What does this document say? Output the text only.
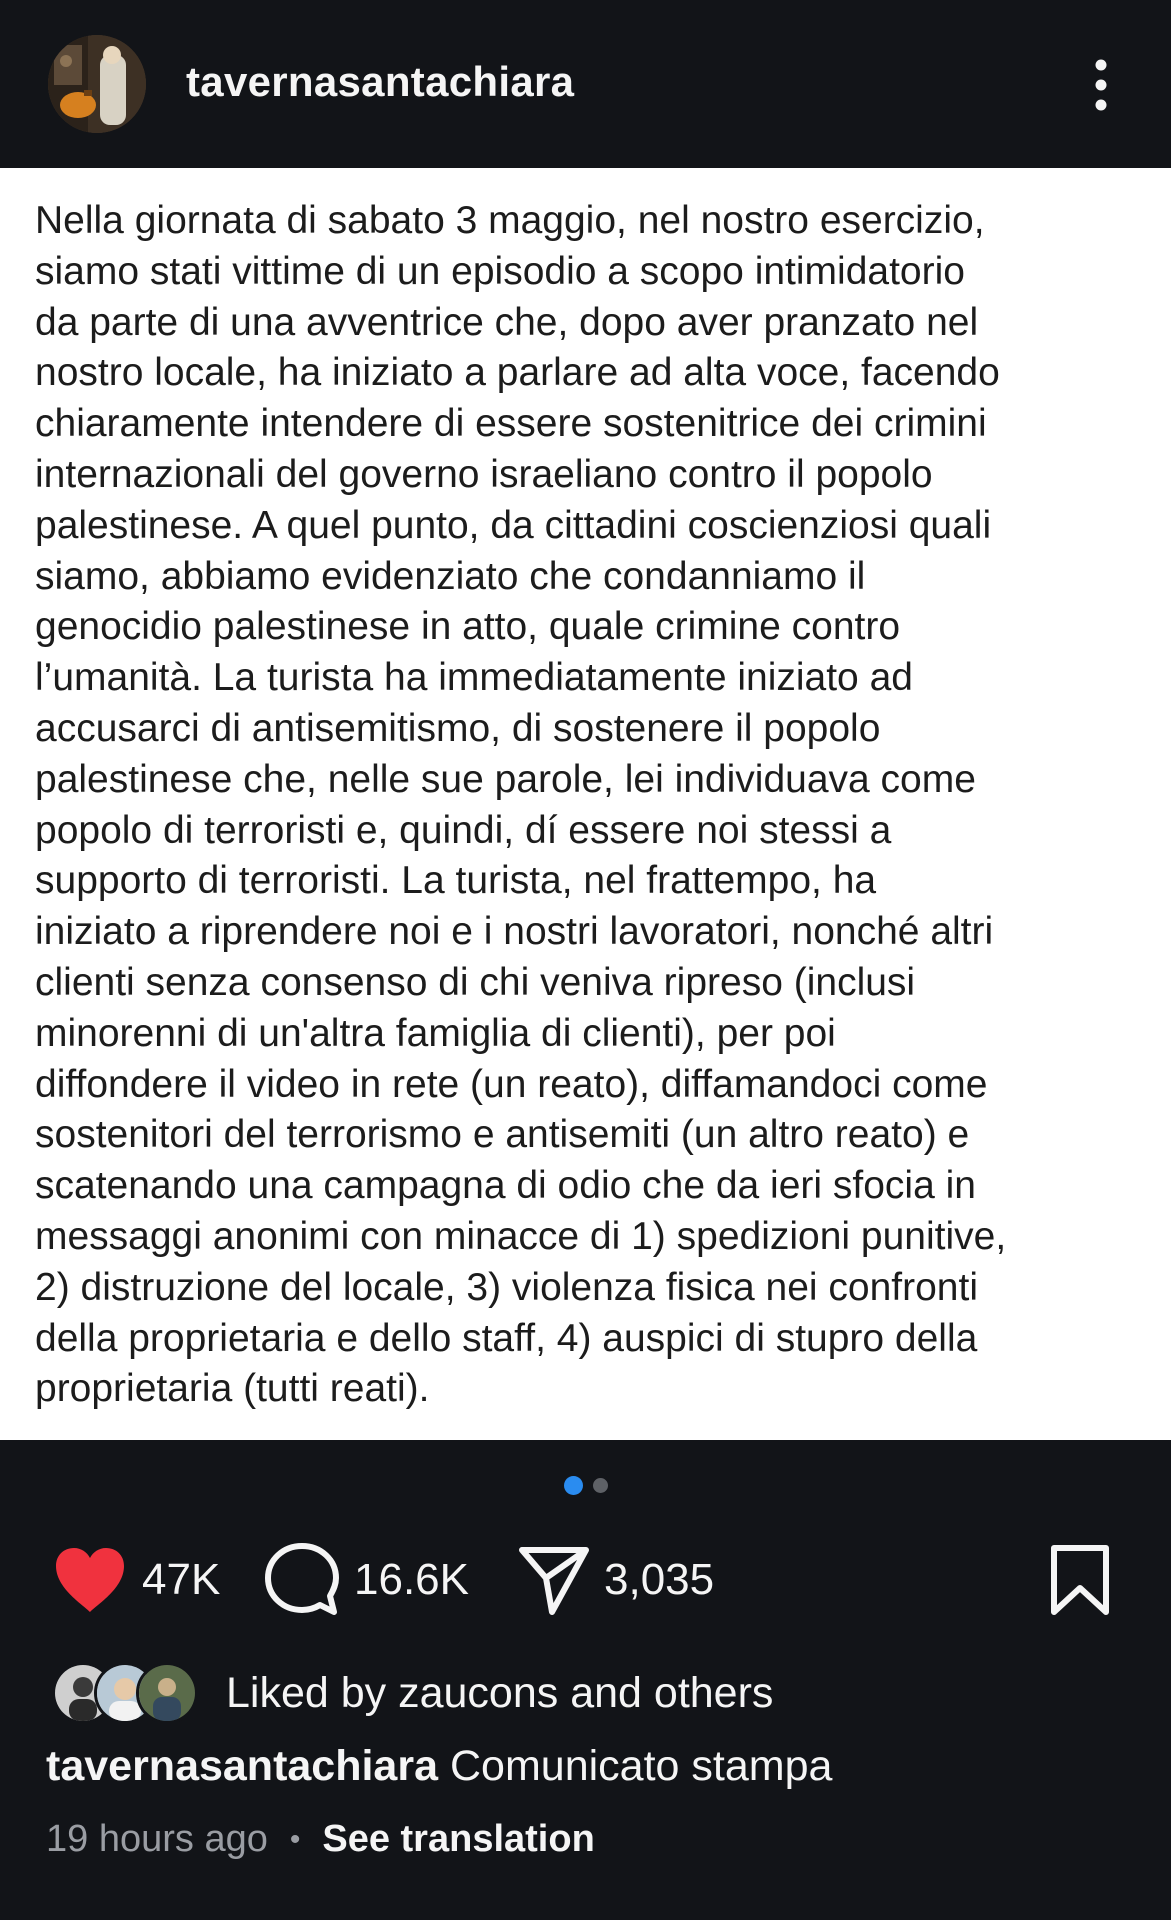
tavernasantachiara

Nella giornata di sabato 3 maggio, nel nostro esercizio,
siamo stati vittime di un episodio a scopo intimidatorio
da parte di una avventrice che, dopo aver pranzato nel
nostro locale, ha iniziato a parlare ad alta voce, facendo
chiaramente intendere di essere sostenitrice dei crimini
internazionali del governo israeliano contro il popolo
palestinese. A quel punto, da cittadini coscienziosi quali
siamo, abbiamo evidenziato che condanniamo il
genocidio palestinese in atto, quale crimine contro
l’umanità. La turista ha immediatamente iniziato ad
accusarci di antisemitismo, di sostenere il popolo
palestinese che, nelle sue parole, lei individuava come
popolo di terroristi e, quindi, dí essere noi stessi a
supporto di terroristi. La turista, nel frattempo, ha
iniziato a riprendere noi e i nostri lavoratori, nonché altri
clienti senza consenso di chi veniva ripreso (inclusi
minorenni di un'altra famiglia di clienti), per poi
diffondere il video in rete (un reato), diffamandoci come
sostenitori del terrorismo e antisemiti (un altro reato) e
scatenando una campagna di odio che da ieri sfocia in
messaggi anonimi con minacce di 1) spedizioni punitive,
2) distruzione del locale, 3) violenza fisica nei confronti
della proprietaria e dello staff, 4) auspici di stupro della
proprietaria (tutti reati).

47K	16.6K	3,035
Liked by zaucons and others
tavernasantachiara Comunicato stampa
19 hours ago • See translation
